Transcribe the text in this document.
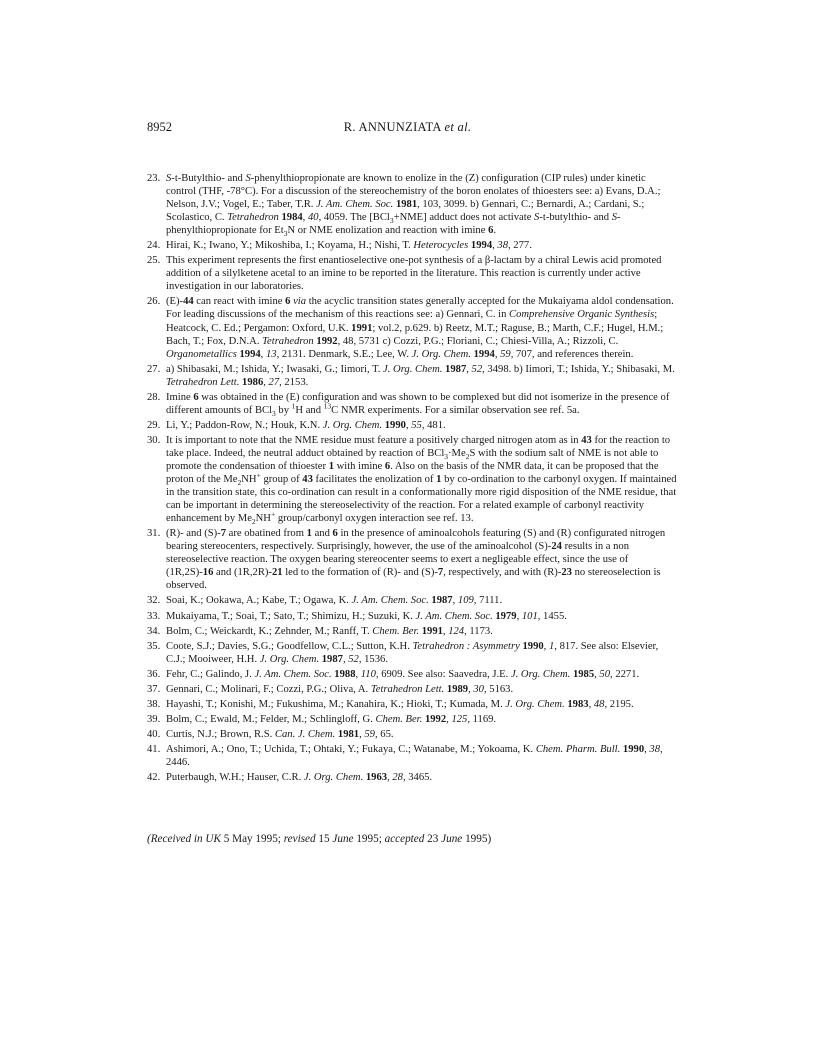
8952	R. ANNUNZIATA et al.
23. S-t-Butylthio- and S-phenylthiopropionate are known to enolize in the (Z) configuration (CIP rules) under kinetic control (THF, -78°C). For a discussion of the stereochemistry of the boron enolates of thioesters see: a) Evans, D.A.; Nelson, J.V.; Vogel, E.; Taber, T.R. J. Am. Chem. Soc. 1981, 103, 3099. b) Gennari, C.; Bernardi, A.; Cardani, S.; Scolastico, C. Tetrahedron 1984, 40, 4059. The [BCl$_3$+NME] adduct does not activate S-t-butylthio- and S-phenylthiopropionate for $Et_3N$ or NME enolization and reaction with imine 6.
24. Hirai, K.; Iwano, Y.; Mikoshiba, I.; Koyama, H.; Nishi, T. Heterocycles 1994, 38, 277.
25. This experiment represents the first enantioselective one-pot synthesis of a β-lactam by a chiral Lewis acid promoted addition of a silylketene acetal to an imine to be reported in the literature. This reaction is currently under active investigation in our laboratories.
26. (E)-44 can react with imine 6 via the acyclic transition states generally accepted for the Mukaiyama aldol condensation. For leading discussions of the mechanism of this reactions see: a) Gennari, C. in Comprehensive Organic Synthesis; Heatcock, C. Ed.; Pergamon: Oxford, U.K. 1991; vol.2, p.629. b) Reetz, M.T.; Raguse, B.; Marth, C.F.; Hugel, H.M.; Bach, T.; Fox, D.N.A. Tetrahedron 1992, 48, 5731 c) Cozzi, P.G.; Floriani, C.; Chiesi-Villa, A.; Rizzoli, C. Organometallics 1994, 13, 2131. Denmark, S.E.; Lee, W. J. Org. Chem. 1994, 59, 707, and references therein.
27. a) Shibasaki, M.; Ishida, Y.; Iwasaki, G.; Iimori, T. J. Org. Chem. 1987, 52, 3498. b) Iimori, T.; Ishida, Y.; Shibasaki, M. Tetrahedron Lett. 1986, 27, 2153.
28. Imine 6 was obtained in the (E) configuration and was shown to be complexed but did not isomerize in the presence of different amounts of BCl$_3$ by $^1$H and $^{13}$C NMR experiments. For a similar observation see ref. 5a.
29. Li, Y.; Paddon-Row, N.; Houk, K.N. J. Org. Chem. 1990, 55, 481.
30. It is important to note that the NME residue must feature a positively charged nitrogen atom as in 43 for the reaction to take place. Indeed, the neutral adduct obtained by reaction of $BCl_3\cdot Me_2S$ with the sodium salt of NME is not able to promote the condensation of thioester 1 with imine 6. Also on the basis of the NMR data, it can be proposed that the proton of the $Me_2NH^+$ group of 43 facilitates the enolization of 1 by co-ordination to the carbonyl oxygen. If maintained in the transition state, this co-ordination can result in a conformationally more rigid disposition of the NME residue, that can be important in determining the stereoselectivity of the reaction. For a related example of carbonyl reactivity enhancement by $Me_2NH^+$ group/carbonyl oxygen interaction see ref. 13.
31. (R)- and (S)-7 are obatined from 1 and 6 in the presence of aminoalcohols featuring (S) and (R) configurated nitrogen bearing stereocenters, respectively. Surprisingly, however, the use of the aminoalcohol (S)-24 results in a non stereoselective reaction. The oxygen bearing stereocenter seems to exert a negligeable effect, since the use of (1R,2S)-16 and (1R,2R)-21 led to the formation of (R)- and (S)-7, respectively, and with (R)-23 no stereoselection is observed.
32. Soai, K.; Ookawa, A.; Kabe, T.; Ogawa, K. J. Am. Chem. Soc. 1987, 109, 7111.
33. Mukaiyama, T.; Soai, T.; Sato, T.; Shimizu, H.; Suzuki, K. J. Am. Chem. Soc. 1979, 101, 1455.
34. Bolm, C.; Weickardt, K.; Zehnder, M.; Ranff, T. Chem. Ber. 1991, 124, 1173.
35. Coote, S.J.; Davies, S.G.; Goodfellow, C.L.; Sutton, K.H. Tetrahedron : Asymmetry 1990, 1, 817. See also: Elsevier, C.J.; Mooiweer, H.H. J. Org. Chem. 1987, 52, 1536.
36. Fehr, C.; Galindo, J. J. Am. Chem. Soc. 1988, 110, 6909. See also: Saavedra, J.E. J. Org. Chem. 1985, 50, 2271.
37. Gennari, C.; Molinari, F.; Cozzi, P.G.; Oliva, A. Tetrahedron Lett. 1989, 30, 5163.
38. Hayashi, T.; Konishi, M.; Fukushima, M.; Kanahira, K.; Hioki, T.; Kumada, M. J. Org. Chem. 1983, 48, 2195.
39. Bolm, C.; Ewald, M.; Felder, M.; Schlingloff, G. Chem. Ber. 1992, 125, 1169.
40. Curtis, N.J.; Brown, R.S. Can. J. Chem. 1981, 59, 65.
41. Ashimori, A.; Ono, T.; Uchida, T.; Ohtaki, Y.; Fukaya, C.; Watanabe, M.; Yokoama, K. Chem. Pharm. Bull. 1990, 38, 2446.
42. Puterbaugh, W.H.; Hauser, C.R. J. Org. Chem. 1963, 28, 3465.
(Received in UK 5 May 1995; revised 15 June 1995; accepted 23 June 1995)
